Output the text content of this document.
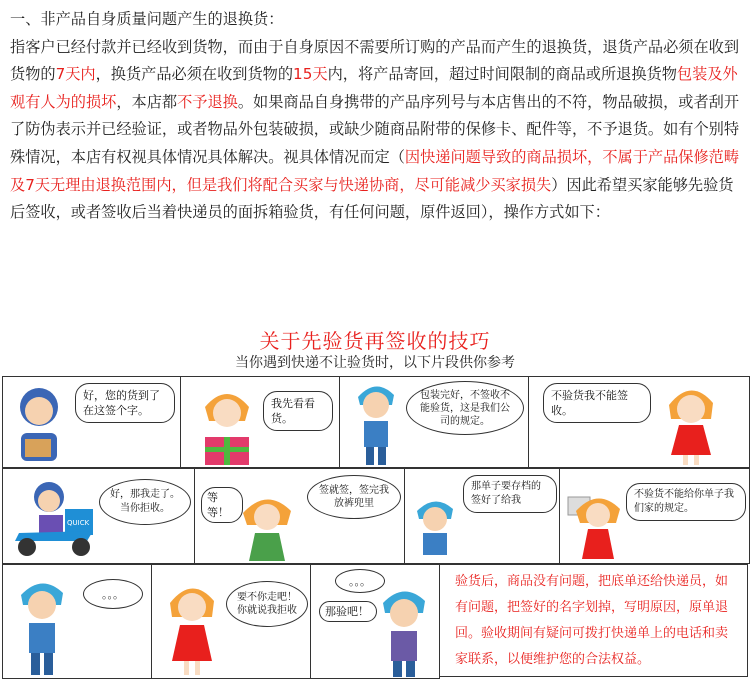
一、非产品自身质量问题产生的退换货：

指客户已经付款并已经收到货物，而由于自身原因不需要所订购的产品而产生的退换货，退货产品必须在收到货物的7天内，换货产品必须在收到货物的15天内，将产品寄回，超过时间限制的商品或所退换货物包装及外观有人为的损坏，本店都不予退换。如果商品自身携带的产品序列号与本店售出的不符，物品破损，或者刮开了防伪表示并已经验证，或者物品外包装破损，或缺少随商品附带的保修卡、配件等，不予退货。如有个别特殊情况，本店有权视具体情况具体解决。视具体情况而定（因快递问题导致的商品损坏，不属于产品保修范畴及7天无理由退换范围内，但是我们将配合买家与快递协商，尽可能减少买家损失）因此希望买家能够先验货后签收，或者签收后当着快递员的面拆箱验货，有任何问题，原件返回），操作方式如下：

关于先验货再签收的技巧
当你遇到快递不让验货时，以下片段供你参考
好，您的货到了在这签个字。
我先看看货。
包装完好，不签收不能验货，这是我们公司的规定。
不验货我不能签收。
QUICK
好，那我走了。当你拒收。
等等！
签就签，签完我放裤兜里
那单子要存档的签好了给我
不验货不能给你单子我们家的规定。
。。。	要不你走吧！你就说我拒收
。。。
那验吧！
验货后，商品没有问题，把底单还给快递员，如有问题，把签好的名字划掉，写明原因，原单退回。验收期间有疑问可拨打快递单上的电话和卖家联系，以便维护您的合法权益。
